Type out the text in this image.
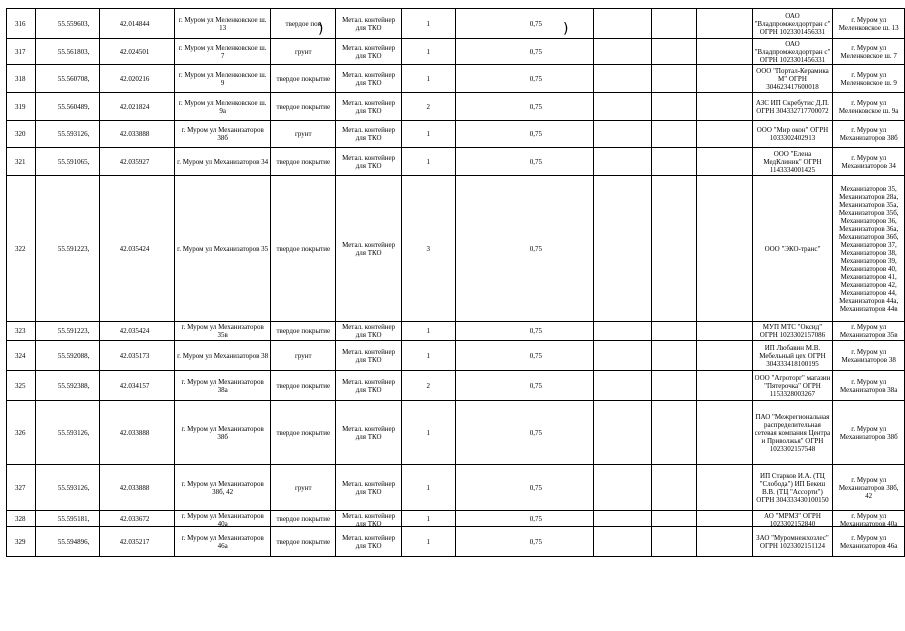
316	55.559603,	42.014844	г. Муром ул Меленковское ш. 13	твердое пок	Метал. контейнер для ТКО	1	0,75				ОАО "Владпромжелдортран с" ОГРН 1023301456331	г. Муром ул Меленковское ш. 13

317	55.561803,	42.024501	г. Муром ул Меленковское ш. 7	грунт	Метал. контейнер для ТКО	1	0,75				ОАО "Владпромжелдортран с" ОГРН 1023301456331	г. Муром ул Меленковское ш. 7

318	55.560708,	42.020216	г. Муром ул Меленковское ш. 9	твердое покрытие	Метал. контейнер для ТКО	1	0,75				ООО "Портал-Керамика М" ОГРН 304623417600018	г. Муром ул Меленковское ш. 9

319	55.560489,	42.021824	г. Муром ул Меленковское ш. 9а	твердое покрытие	Метал. контейнер для ТКО	2	0,75				АЗС ИП Скребутис Д.П. ОГРН 304332717700072	г. Муром ул Меленковское ш. 9а

320	55.593126,	42.033888	г. Муром ул Механизаторов 38б	грунт	Метал. контейнер для ТКО	1	0,75				ООО "Мир окон" ОГРН 1033302402913	г. Муром ул Механизаторов 38б

321	55.591065,	42.035927	г. Муром ул Механизаторов 34	твердое покрытие	Метал. контейнер для ТКО	1	0,75				ООО "Елена МедКлиник" ОГРН 1143334001425	г. Муром ул Механизаторов 34

322	55.591223,	42.035424	г. Муром ул Механизаторов 35	твердое покрытие	Метал. контейнер для ТКО	3	0,75				ООО "ЭКО-транс"	Механизаторов 35, Механизаторов 28а, Механизаторов 35а, Механизаторов 35б, Механизаторов 36, Механизаторов 36а, Механизаторов 36б, Механизаторов 37, Механизаторов 38, Механизаторов 39, Механизаторов 40, Механизаторов 41, Механизаторов 42, Механизаторов 44, Механизаторов 44а, Механизаторов 44в

323	55.591223,	42.035424	г. Муром ул Механизаторов 35в	твердое покрытие	Метал. контейнер для ТКО	1	0,75				МУП МТС "Оксид" ОГРН 1023302157086	г. Муром ул Механизаторов 35в

324	55.592088,	42.035173	г. Муром ул Механизаторов 38	грунт	Метал. контейнер для ТКО	1	0,75				ИП Любавин М.В. Мебельный цех ОГРН 304333418100195	г. Муром ул Механизаторов 38

325	55.592388,	42.034157	г. Муром ул Механизаторов 38а	твердое покрытие	Метал. контейнер для ТКО	2	0,75				ООО "Агроторг" магазин "Пятерочка" ОГРН 1153328003267	г. Муром ул Механизаторов 38а

326	55.593126,	42.033888	г. Муром ул Механизаторов 38б	твердое покрытие	Метал. контейнер для ТКО	1	0,75				ПАО "Межрегиональная распределительная сетевая компания Центра и Приволжья" ОГРН 1023302157548	г. Муром ул Механизаторов 38б

327	55.593126,	42.033888	г. Муром ул Механизаторов 38б, 42	грунт	Метал. контейнер для ТКО	1	0,75				ИП Старков И.А. (ТЦ "Слобода") ИП Бекеш В.В. (ТЦ "Ассорти") ОГРН 304333430100150	г. Муром ул Механизаторов 38б, 42

328	55.595181,	42.033672	г. Муром ул Механизаторов 40а	твердое покрытие	Метал. контейнер для ТКО	1	0,75				АО "МРМЗ" ОГРН 1023302152840	г. Муром ул Механизаторов 40а

329	55.594896,	42.035217	г. Муром ул Механизаторов 46а	твердое покрытие	Метал. контейнер для ТКО	1	0,75				ЗАО "Муромнежхозлес" ОГРН 1023302151124	г. Муром ул Механизаторов 46а
)	)
